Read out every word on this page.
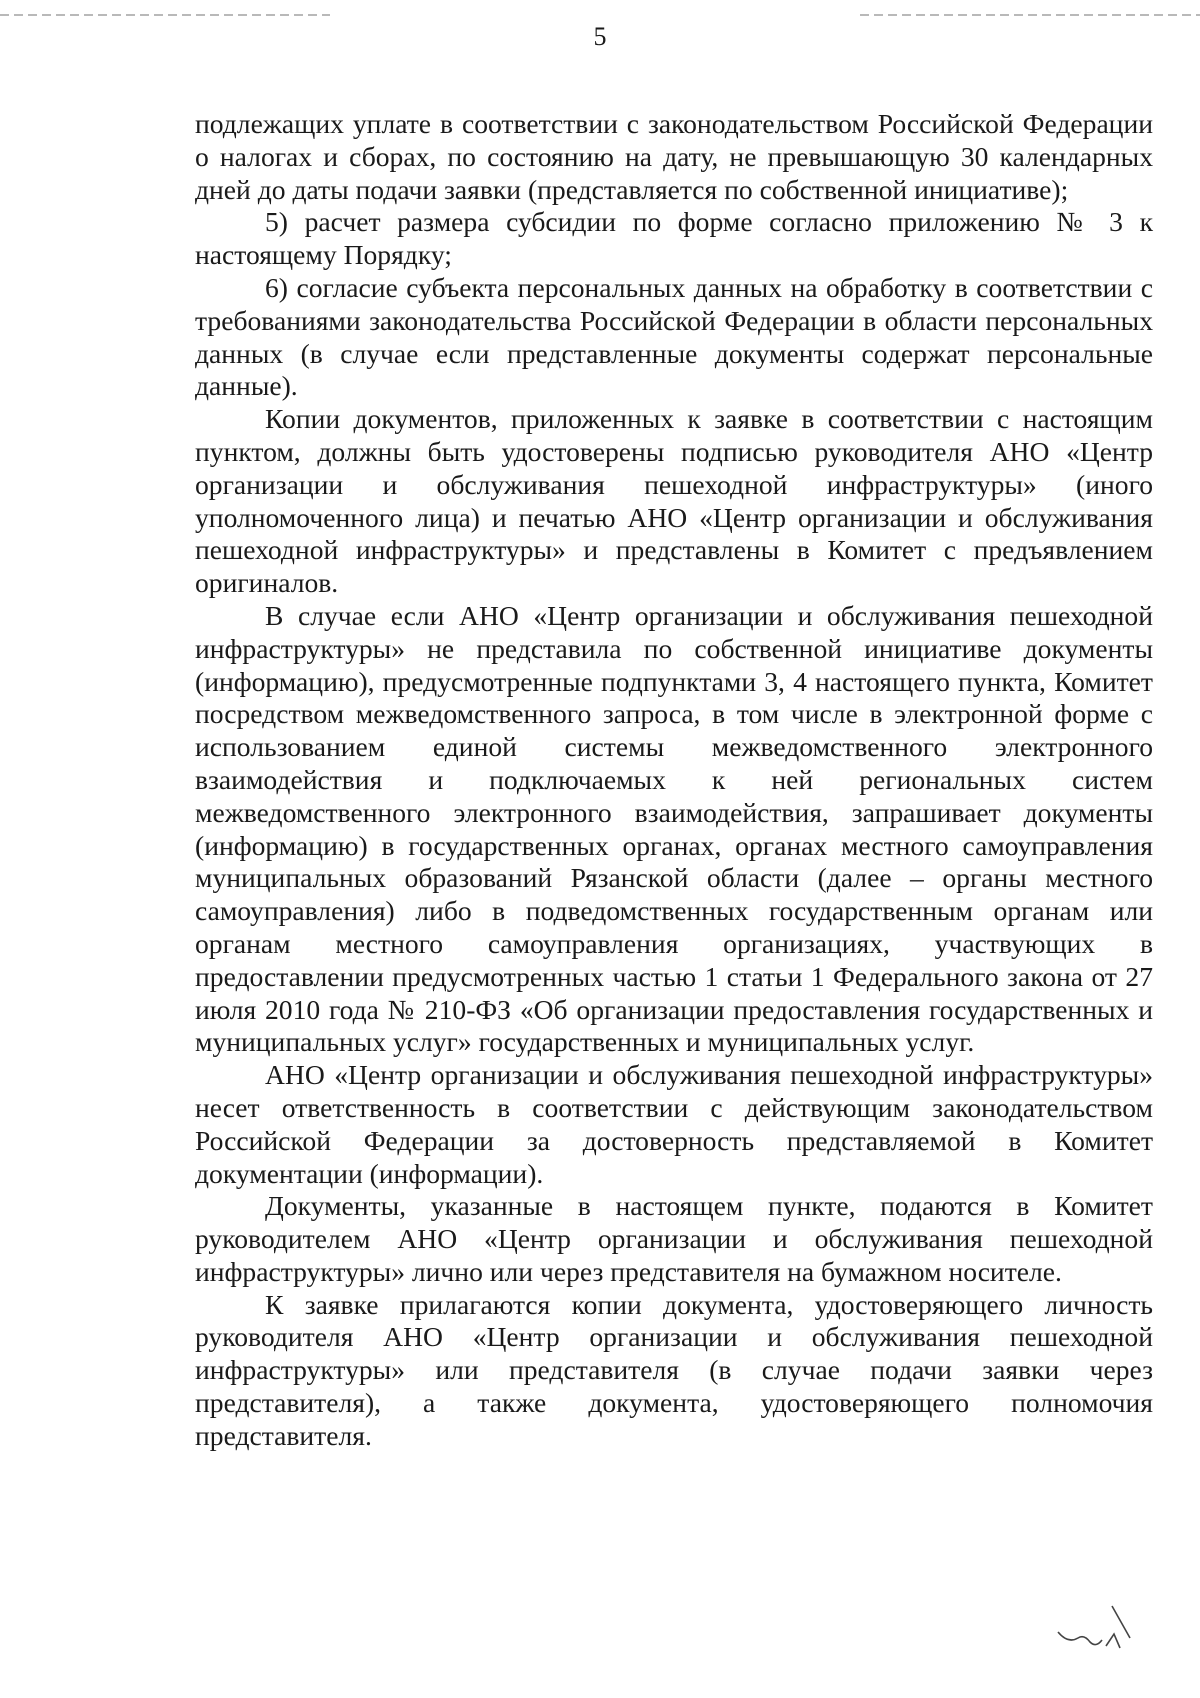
5

подлежащих уплате в соответствии с законодательством Российской Федерации о налогах и сборах, по состоянию на дату, не превышающую 30 календарных дней до даты подачи заявки (представляется по собственной инициативе);

5) расчет размера субсидии по форме согласно приложению № 3 к настоящему Порядку;

6) согласие субъекта персональных данных на обработку в соответствии с требованиями законодательства Российской Федерации в области персональных данных (в случае если представленные документы содержат персональные данные).

Копии документов, приложенных к заявке в соответствии с настоящим пунктом, должны быть удостоверены подписью руководителя АНО «Центр организации и обслуживания пешеходной инфраструктуры» (иного уполномоченного лица) и печатью АНО «Центр организации и обслуживания пешеходной инфраструктуры» и представлены в Комитет с предъявлением оригиналов.

В случае если АНО «Центр организации и обслуживания пешеходной инфраструктуры» не представила по собственной инициативе документы (информацию), предусмотренные подпунктами 3, 4 настоящего пункта, Комитет посредством межведомственного запроса, в том числе в электронной форме с использованием единой системы межведомственного электронного взаимодействия и подключаемых к ней региональных систем межведомственного электронного взаимодействия, запрашивает документы (информацию) в государственных органах, органах местного самоуправления муниципальных образований Рязанской области (далее – органы местного самоуправления) либо в подведомственных государственным органам или органам местного самоуправления организациях, участвующих в предоставлении предусмотренных частью 1 статьи 1 Федерального закона от 27 июля 2010 года № 210-ФЗ «Об организации предоставления государственных и муниципальных услуг» государственных и муниципальных услуг.

АНО «Центр организации и обслуживания пешеходной инфраструктуры» несет ответственность в соответствии с действующим законодательством Российской Федерации за достоверность представляемой в Комитет документации (информации).

Документы, указанные в настоящем пункте, подаются в Комитет руководителем АНО «Центр организации и обслуживания пешеходной инфраструктуры» лично или через представителя на бумажном носителе.

К заявке прилагаются копии документа, удостоверяющего личность руководителя АНО «Центр организации и обслуживания пешеходной инфраструктуры» или представителя (в случае подачи заявки через представителя), а также документа, удостоверяющего полномочия представителя.
